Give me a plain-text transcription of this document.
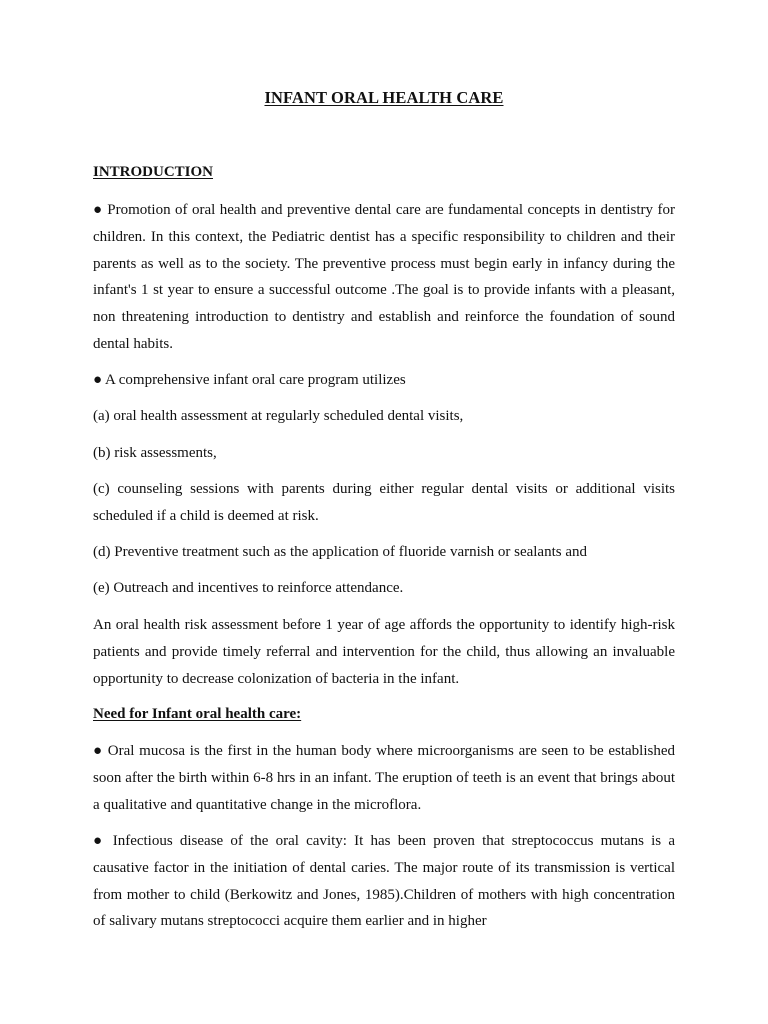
INFANT ORAL HEALTH CARE
INTRODUCTION
● Promotion of oral health and preventive dental care are fundamental concepts in dentistry for children. In this context, the Pediatric dentist has a specific responsibility to children and their parents as well as to the society. The preventive process must begin early in infancy during the infant's 1 st year to ensure a successful outcome .The goal is to provide infants with a pleasant, non threatening introduction to dentistry and establish and reinforce the foundation of sound dental habits.
● A comprehensive infant oral care program utilizes
(a) oral health assessment at regularly scheduled dental visits,
(b) risk assessments,
(c) counseling sessions with parents during either regular dental visits or additional visits scheduled if a child is deemed at risk.
(d) Preventive treatment such as the application of fluoride varnish or sealants and
(e) Outreach and incentives to reinforce attendance.
An oral health risk assessment before 1 year of age affords the opportunity to identify high-risk patients and provide timely referral and intervention for the child, thus allowing an invaluable opportunity to decrease colonization of bacteria in the infant.
Need for Infant oral health care:
● Oral mucosa is the first in the human body where microorganisms are seen to be established soon after the birth within 6-8 hrs in an infant. The eruption of teeth is an event that brings about a qualitative and quantitative change in the microflora.
● Infectious disease of the oral cavity: It has been proven that streptococcus mutans is a causative factor in the initiation of dental caries. The major route of its transmission is vertical from mother to child (Berkowitz and Jones, 1985).Children of mothers with high concentration of salivary mutans streptococci acquire them earlier and in higher
